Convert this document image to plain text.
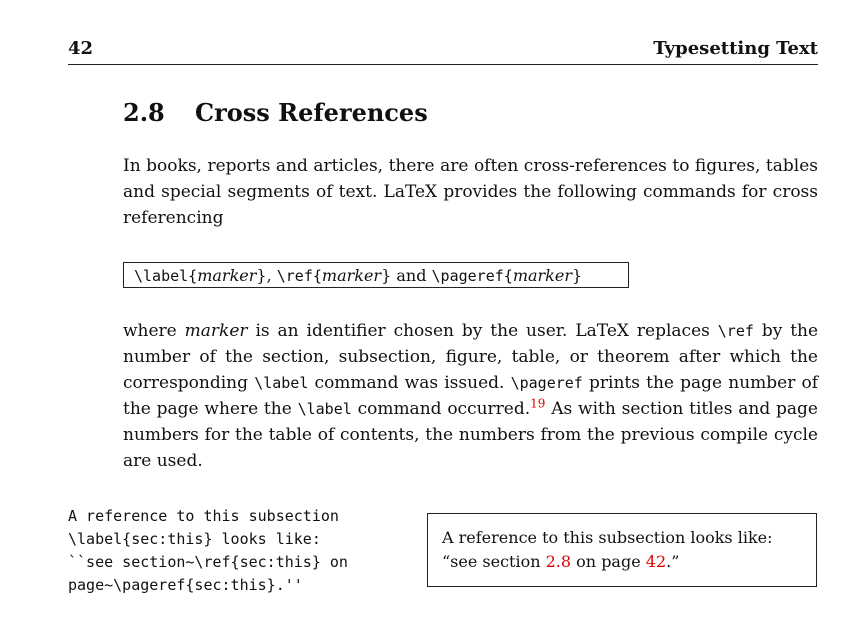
42	Typesetting Text
2.8 Cross References
In books, reports and articles, there are often cross-references to figures, tables and special segments of text. LaTeX provides the following commands for cross referencing
\label{marker}, \ref{marker} and \pageref{marker}
where marker is an identifier chosen by the user. LaTeX replaces \ref by the number of the section, subsection, figure, table, or theorem after which the corresponding \label command was issued. \pageref prints the page number of the page where the \label command occurred.$^{19}$ As with section titles and page numbers for the table of contents, the numbers from the previous compile cycle are used.
A reference to this subsection
\label{sec:this} looks like:
``see section~\ref{sec:this} on
page~\pageref{sec:this}.''
A reference to this subsection looks like:
“see section 2.8 on page 42.”
